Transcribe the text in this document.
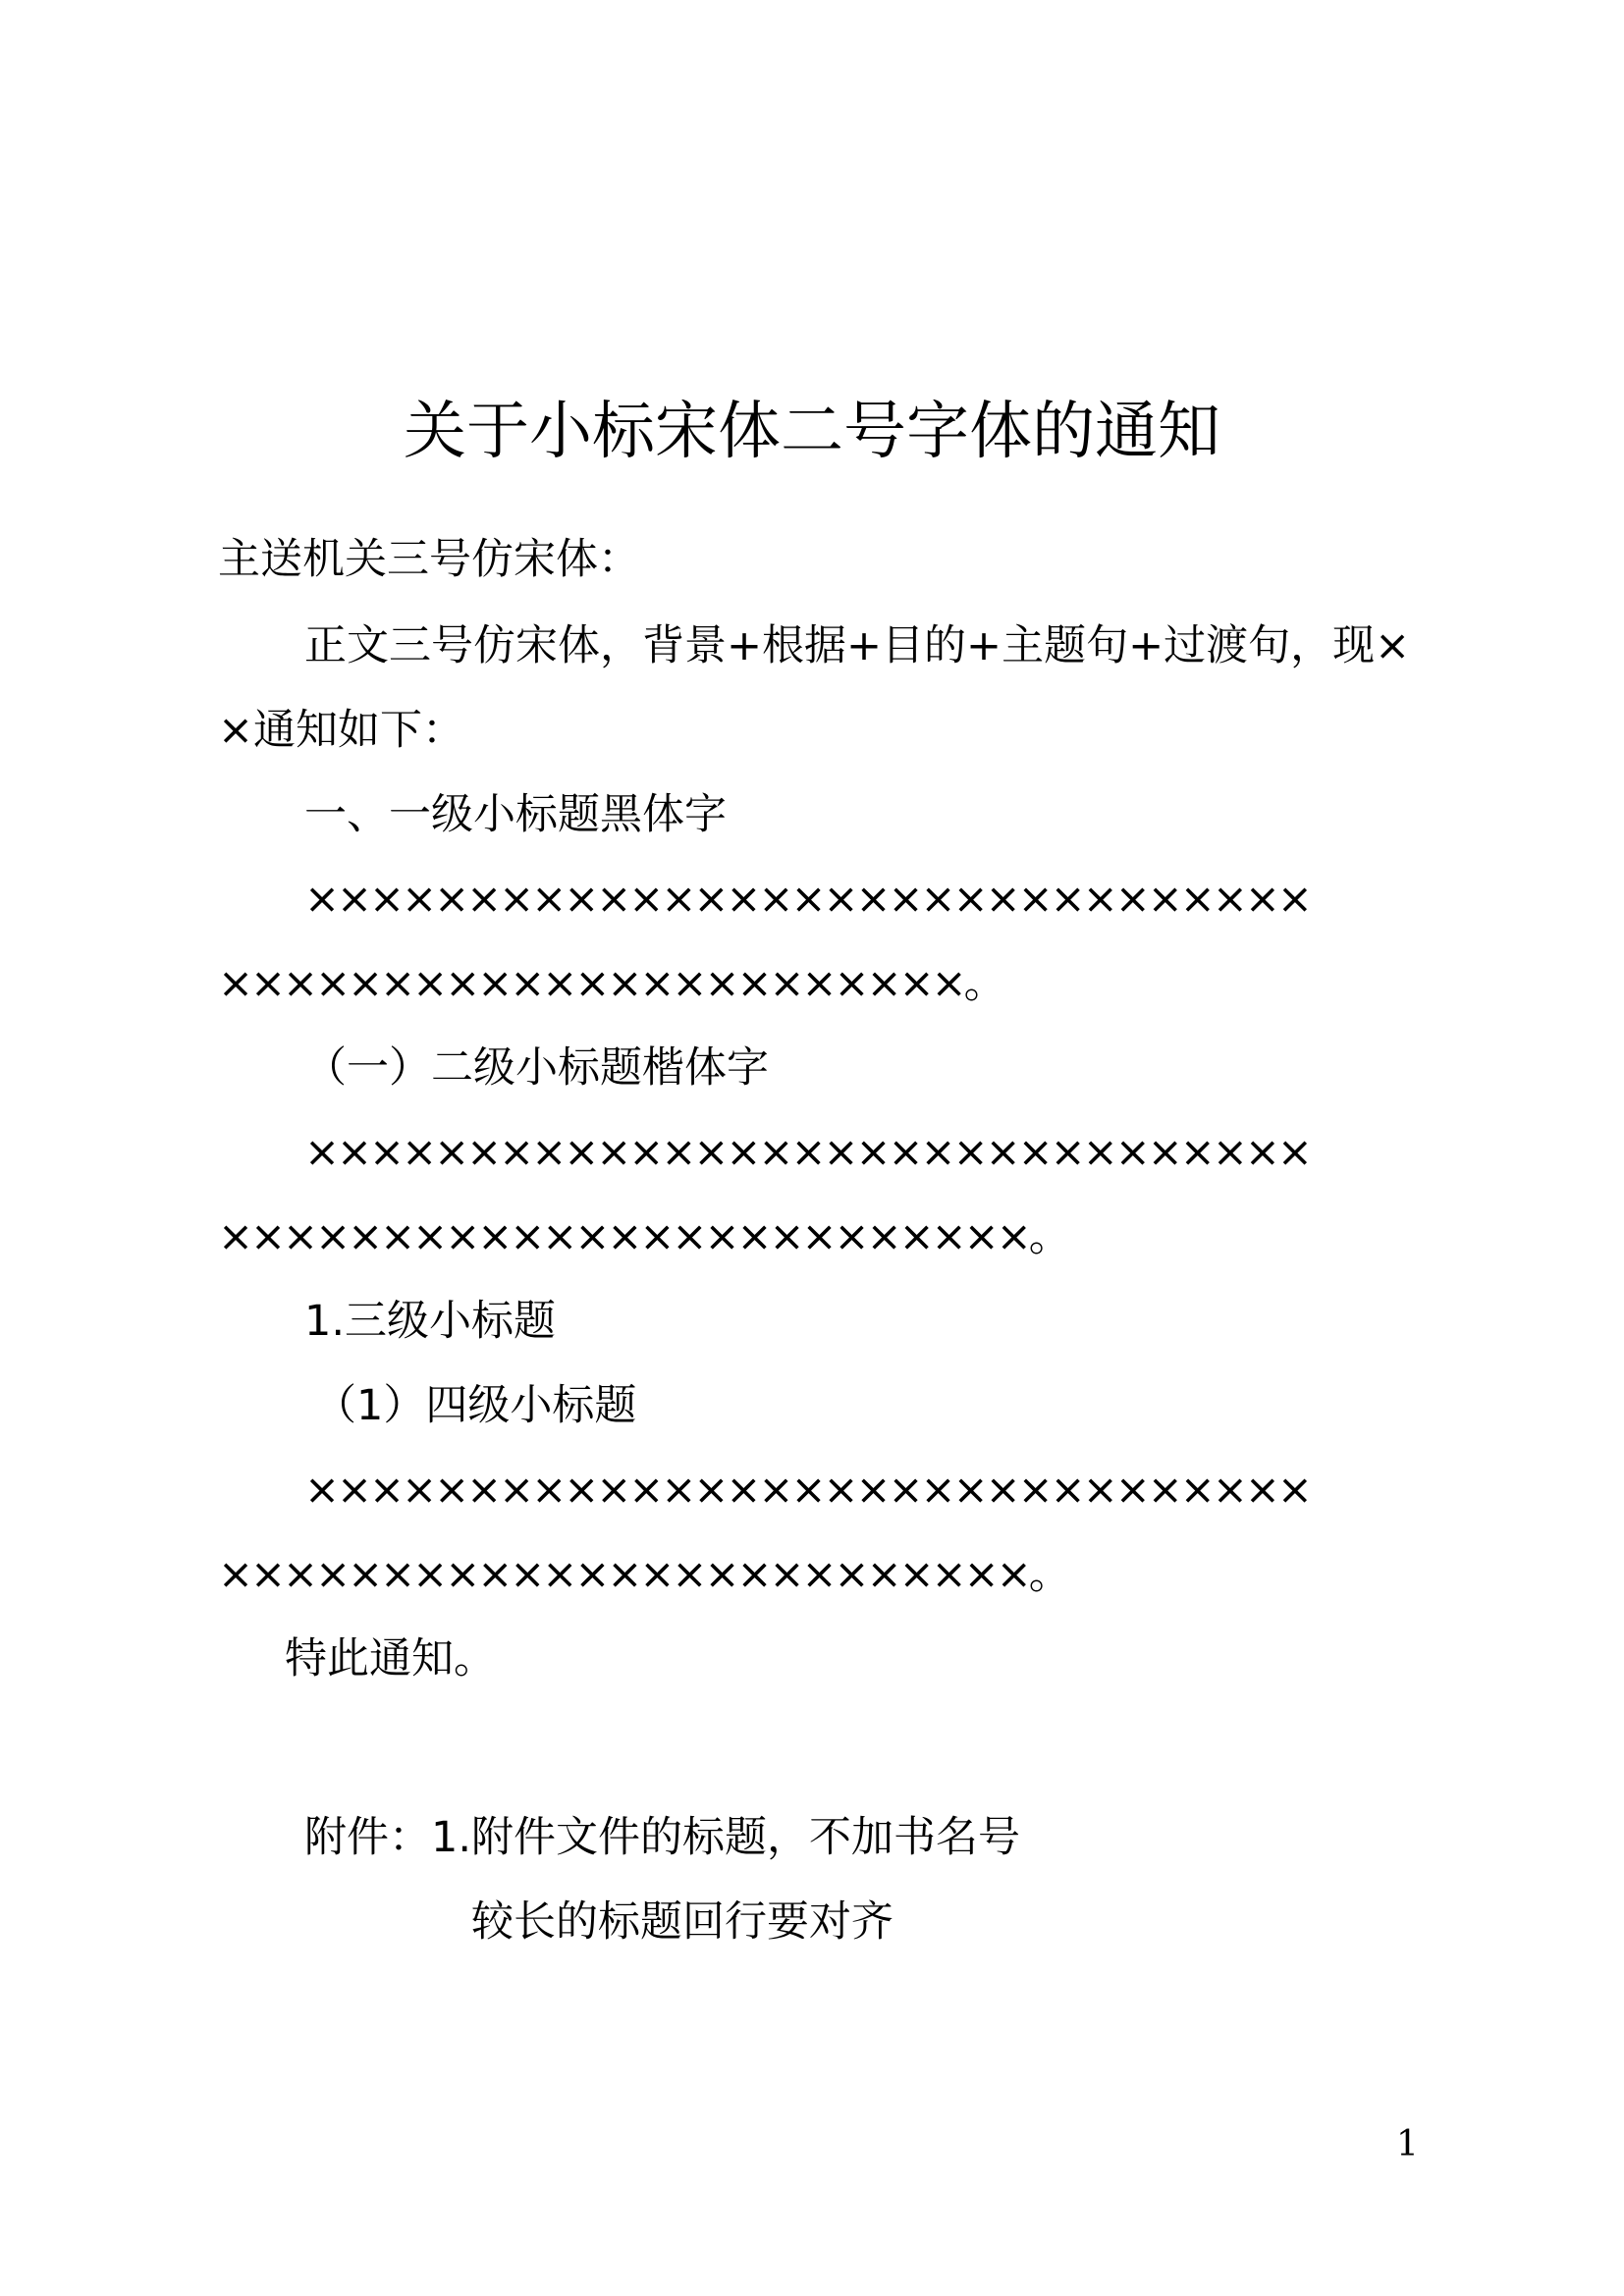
关于小标宋体二号字体的通知
主送机关三号仿宋体：
正文三号仿宋体，背景+根据+目的+主题句+过渡句，现×
×通知如下：
一、一级小标题黑体字
×××××××××××××××××××××××××××××××
×××××××××××××××××××××××。
（一）二级小标题楷体字
×××××××××××××××××××××××××××××××
×××××××××××××××××××××××××。
1.三级小标题
（1）四级小标题
×××××××××××××××××××××××××××××××
×××××××××××××××××××××××××。
特此通知。
附件：1.附件文件的标题，不加书名号
较长的标题回行要对齐
1
